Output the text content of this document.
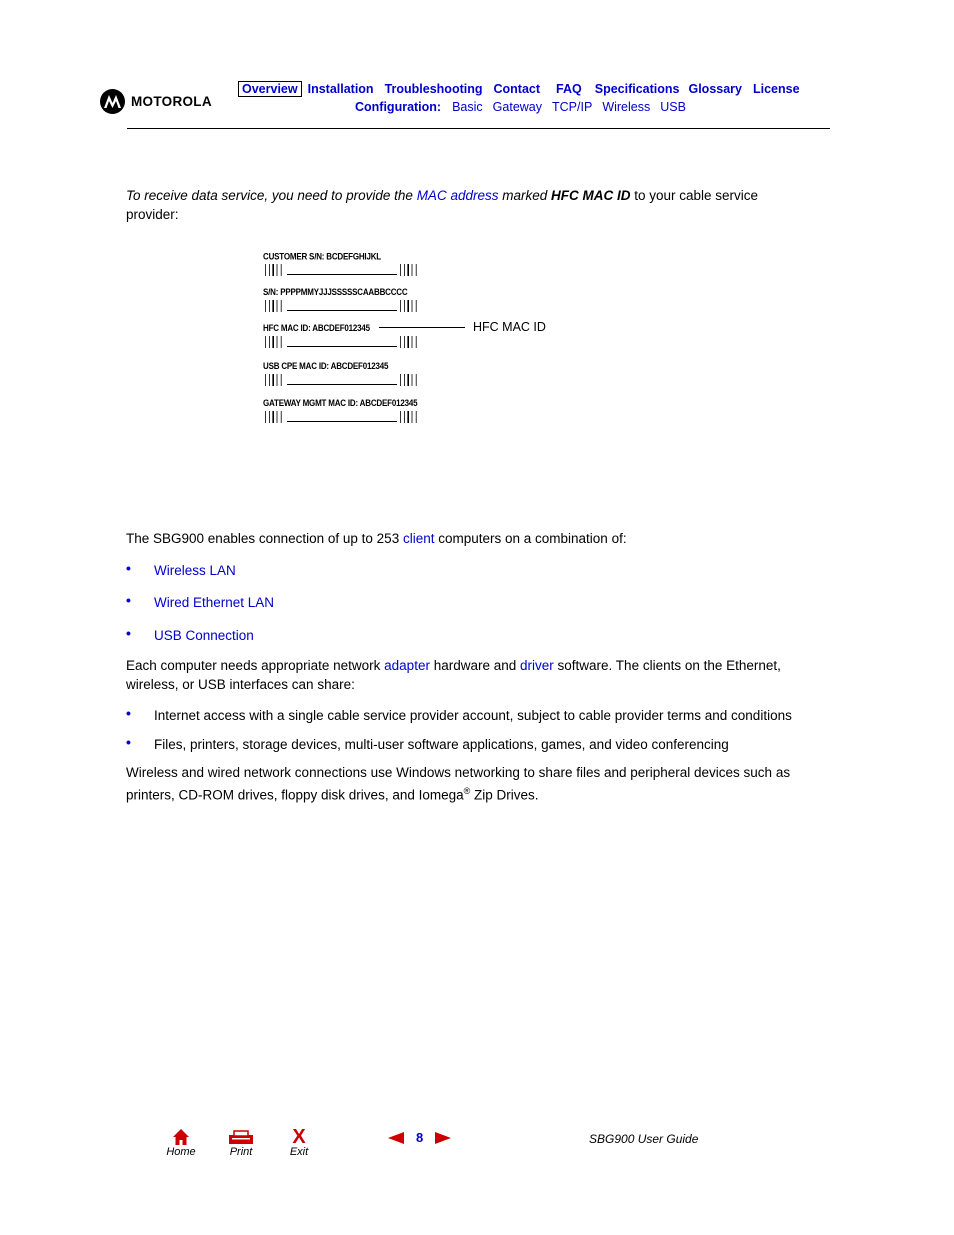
MOTOROLA
Overview Installation Troubleshooting Contact FAQ Specifications Glossary License
Configuration: Basic Gateway TCP/IP Wireless USB
To receive data service, you need to provide the MAC address marked HFC MAC ID to your cable service
provider:
CUSTOMER S/N: BCDEFGHIJKL
S/N: PPPPMMYJJJSSSSSCAABBCCCC
HFC MAC ID: ABCDEF012345
USB CPE MAC ID: ABCDEF012345
GATEWAY MGMT MAC ID: ABCDEF012345
HFC MAC ID
The SBG900 enables connection of up to 253 client computers on a combination of:
• Wireless LAN
• Wired Ethernet LAN
• USB Connection
Each computer needs appropriate network adapter hardware and driver software. The clients on the Ethernet,
wireless, or USB interfaces can share:
• Internet access with a single cable service provider account, subject to cable provider terms and conditions
• Files, printers, storage devices, multi-user software applications, games, and video conferencing
Wireless and wired network connections use Windows networking to share files and peripheral devices such as
printers, CD-ROM drives, floppy disk drives, and Iomega® Zip Drives.
Home	Print
X
Exit
8	SBG900 User Guide
